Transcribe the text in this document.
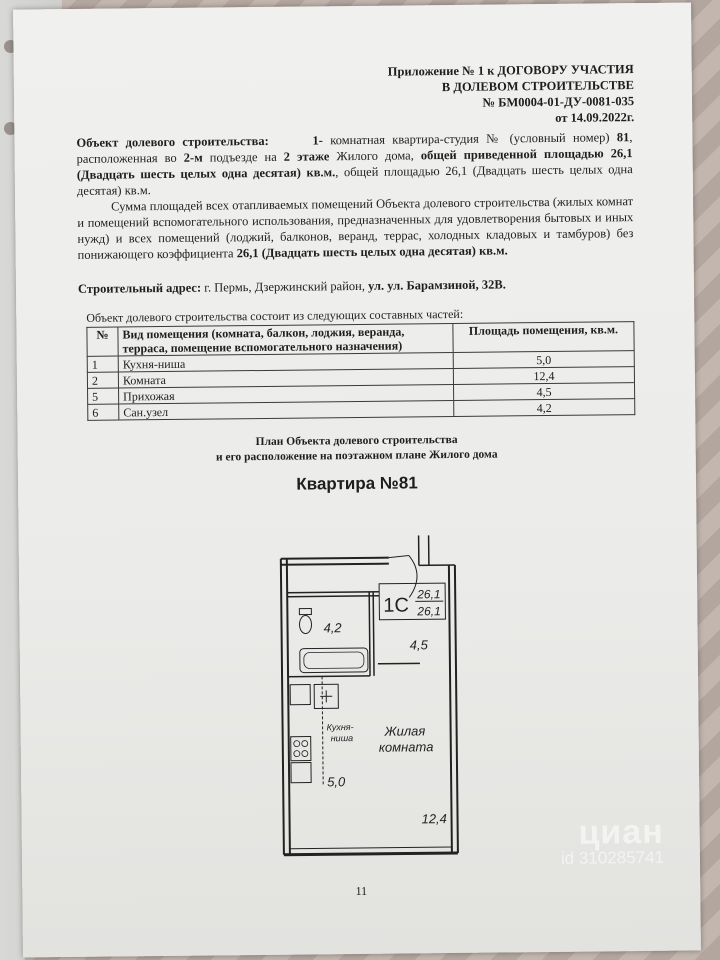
Приложение № 1 к ДОГОВОРУ УЧАСТИЯ
В ДОЛЕВОМ СТРОИТЕЛЬСТВЕ
№ БМ0004-01-ДУ-0081-035
от 14.09.2022г.
Объект долевого строительства:	1- комнатная квартира-студия № (условный номер) 81, расположенная во 2-м подъезде на 2 этаже Жилого дома, общей приведенной площадью 26,1 (Двадцать шесть целых одна десятая) кв.м., общей площадью 26,1 (Двадцать шесть целых одна десятая) кв.м.
Сумма площадей всех отапливаемых помещений Объекта долевого строительства (жилых комнат и помещений вспомогательного использования, предназначенных для удовлетворения бытовых и иных нужд) и всех помещений (лоджий, балконов, веранд, террас, холодных кладовых и тамбуров) без понижающего коэффициента 26,1 (Двадцать шесть целых одна десятая) кв.м.
Строительный адрес: г. Пермь, Дзержинский район, ул. ул. Барамзиной, 32В.
Объект долевого строительства состоит из следующих составных частей:
№	Вид помещения (комната, балкон, лоджия, веранда, терраса, помещение вспомогательного назначения)	Площадь помещения, кв.м.
1	Кухня-ниша	5,0
2	Комната	12,4
5	Прихожая	4,5
6	Сан.узел	4,2
План Объекта долевого строительства
и его расположение на поэтажном плане Жилого дома
Квартира №81
1С
26,1
26,1
4,2
4,5
Кухня-
ниша
5,0
Жилая
комната
12,4
11
циан
id 310285741
